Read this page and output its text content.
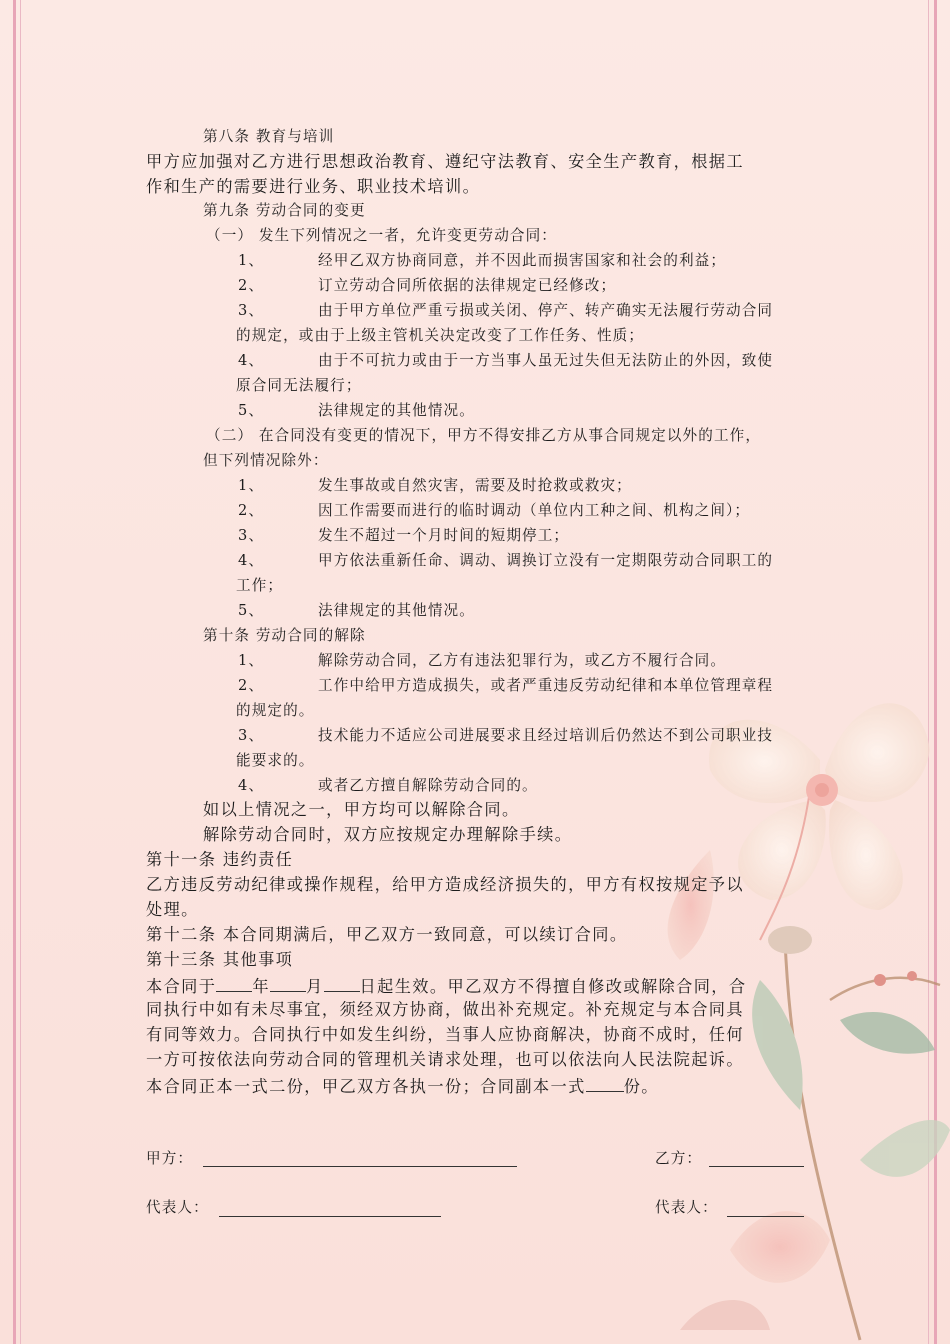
第八条 教育与培训
甲方应加强对乙方进行思想政治教育、遵纪守法教育、安全生产教育，根据工
作和生产的需要进行业务、职业技术培训。
第九条 劳动合同的变更
（一） 发生下列情况之一者，允许变更劳动合同：
1、	经甲乙双方协商同意，并不因此而损害国家和社会的利益；
2、	订立劳动合同所依据的法律规定已经修改；
3、	由于甲方单位严重亏损或关闭、停产、转产确实无法履行劳动合同
的规定，或由于上级主管机关决定改变了工作任务、性质；
4、	由于不可抗力或由于一方当事人虽无过失但无法防止的外因，致使
原合同无法履行；
5、	法律规定的其他情况。
（二） 在合同没有变更的情况下，甲方不得安排乙方从事合同规定以外的工作，
但下列情况除外：
1、	发生事故或自然灾害，需要及时抢救或救灾；
2、	因工作需要而进行的临时调动（单位内工种之间、机构之间）；
3、	发生不超过一个月时间的短期停工；
4、	甲方依法重新任命、调动、调换订立没有一定期限劳动合同职工的
工作；
5、	法律规定的其他情况。
第十条 劳动合同的解除
1、	解除劳动合同，乙方有违法犯罪行为，或乙方不履行合同。
2、	工作中给甲方造成损失，或者严重违反劳动纪律和本单位管理章程
的规定的。
3、	技术能力不适应公司进展要求且经过培训后仍然达不到公司职业技
能要求的。
4、	或者乙方擅自解除劳动合同的。
如以上情况之一，甲方均可以解除合同。
解除劳动合同时，双方应按规定办理解除手续。
第十一条 违约责任
乙方违反劳动纪律或操作规程，给甲方造成经济损失的，甲方有权按规定予以
处理。
第十二条 本合同期满后，甲乙双方一致同意，可以续订合同。
第十三条 其他事项
本合同于 年 月 日起生效。甲乙双方不得擅自修改或解除合同，合
同执行中如有未尽事宜，须经双方协商，做出补充规定。补充规定与本合同具
有同等效力。合同执行中如发生纠纷，当事人应协商解决，协商不成时，任何
一方可按依法向劳动合同的管理机关请求处理，也可以依法向人民法院起诉。
本合同正本一式二份，甲乙双方各执一份；合同副本一式 份。
甲方：	乙方：
代表人：	代表人：
